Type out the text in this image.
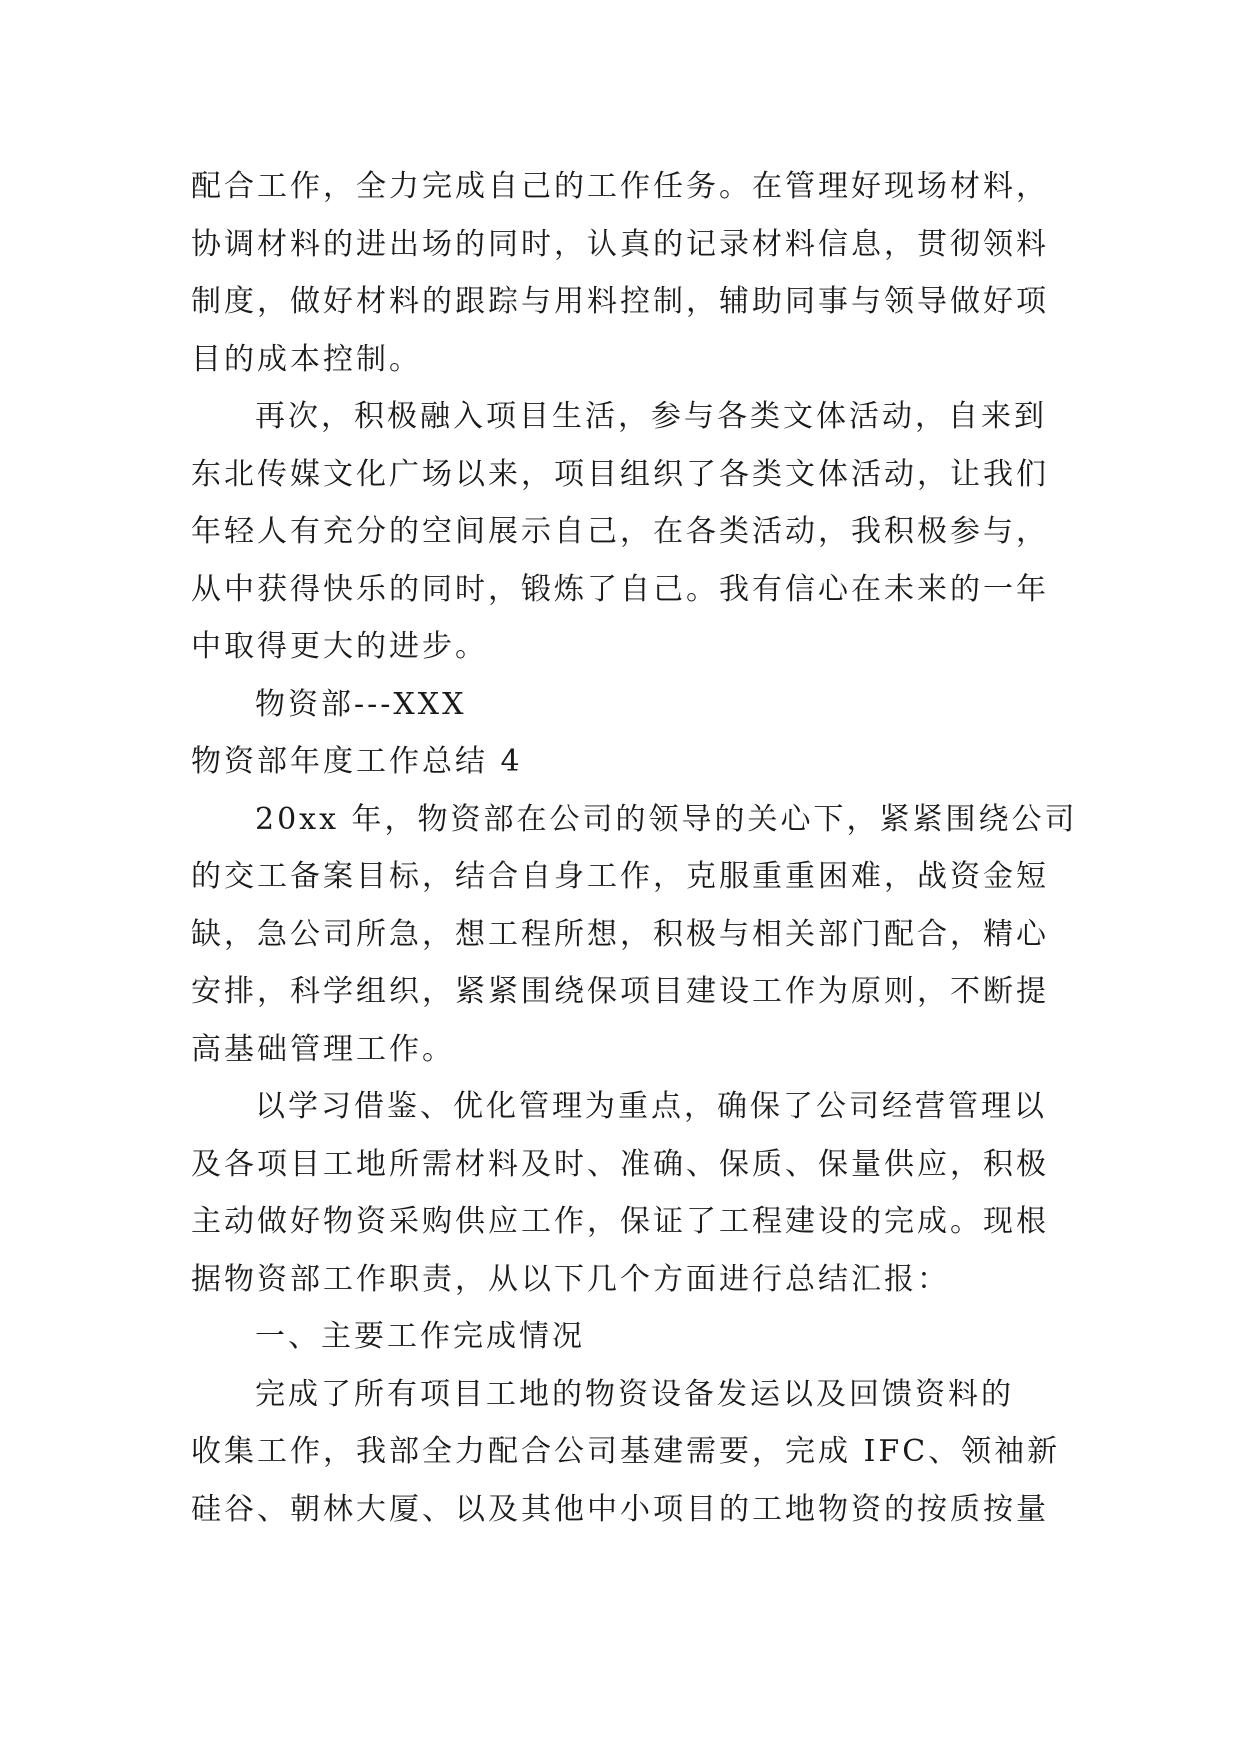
配合工作，全力完成自己的工作任务。在管理好现场材料，
协调材料的进出场的同时，认真的记录材料信息，贯彻领料
制度，做好材料的跟踪与用料控制，辅助同事与领导做好项
目的成本控制。
再次，积极融入项目生活，参与各类文体活动，自来到
东北传媒文化广场以来，项目组织了各类文体活动，让我们
年轻人有充分的空间展示自己，在各类活动，我积极参与，
从中获得快乐的同时，锻炼了自己。我有信心在未来的一年
中取得更大的进步。
物资部---XXX
物资部年度工作总结 4
20xx 年，物资部在公司的领导的关心下，紧紧围绕公司
的交工备案目标，结合自身工作，克服重重困难，战资金短
缺，急公司所急，想工程所想，积极与相关部门配合，精心
安排，科学组织，紧紧围绕保项目建设工作为原则，不断提
高基础管理工作。
以学习借鉴、优化管理为重点，确保了公司经营管理以
及各项目工地所需材料及时、准确、保质、保量供应，积极
主动做好物资采购供应工作，保证了工程建设的完成。现根
据物资部工作职责，从以下几个方面进行总结汇报：
一、主要工作完成情况
完成了所有项目工地的物资设备发运以及回馈资料的
收集工作，我部全力配合公司基建需要，完成 IFC、领袖新
硅谷、朝林大厦、以及其他中小项目的工地物资的按质按量
